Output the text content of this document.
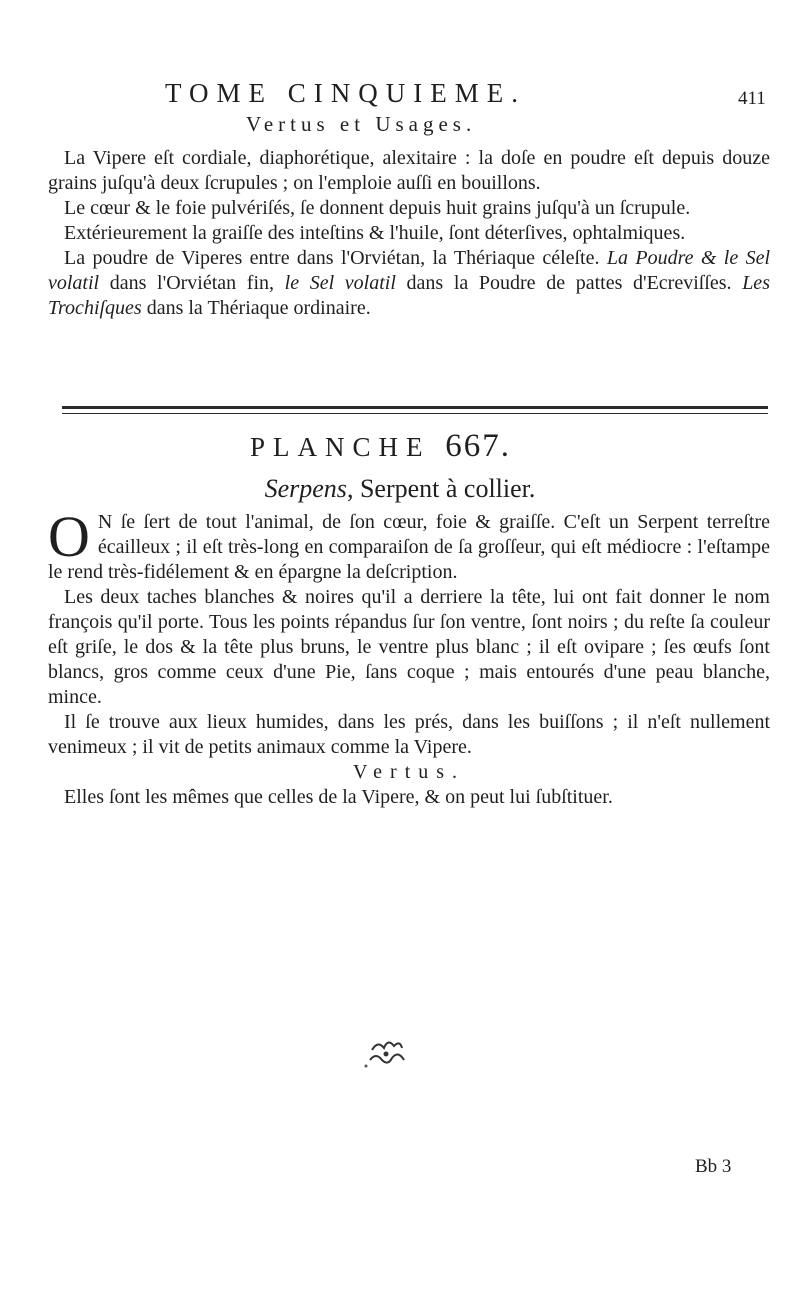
TOME CINQUIEME.	411
Vertus et Usages.

La Vipere eſt cordiale, diaphorétique, alexitaire : la doſe en poudre eſt depuis douze grains juſqu'à deux ſcrupules ; on l'emploie auſſi en bouillons.

Le cœur & le foie pulvériſés, ſe donnent depuis huit grains juſqu'à un ſcrupule.

Extérieurement la graiſſe des inteſtins & l'huile, ſont déterſives, ophtalmiques.

La poudre de Viperes entre dans l'Orviétan, la Thériaque céleſte. La Poudre & le Sel volatil dans l'Orviétan fin, le Sel volatil dans la Poudre de pattes d'Ecreviſſes. Les Trochiſques dans la Thériaque ordinaire.

PLANCHE 667.
Serpens, Serpent à collier.

O N ſe ſert de tout l'animal, de ſon cœur, foie & graiſſe. C'eſt un Serpent terreſtre écailleux ; il eſt très-long en comparaiſon de ſa groſſeur, qui eſt médiocre : l'eſtampe le rend très-fidélement & en épargne la deſcription.

Les deux taches blanches & noires qu'il a derriere la tête, lui ont fait donner le nom françois qu'il porte. Tous les points répandus ſur ſon ventre, ſont noirs ; du reſte ſa couleur eſt griſe, le dos & la tête plus bruns, le ventre plus blanc ; il eſt ovipare ; ſes œufs ſont blancs, gros comme ceux d'une Pie, ſans coque ; mais entourés d'une peau blanche, mince.

Il ſe trouve aux lieux humides, dans les prés, dans les buiſſons ; il n'eſt nullement venimeux ; il vit de petits animaux comme la Vipere.

Vertus.

Elles ſont les mêmes que celles de la Vipere, & on peut lui ſubſtituer.

Bb 3
